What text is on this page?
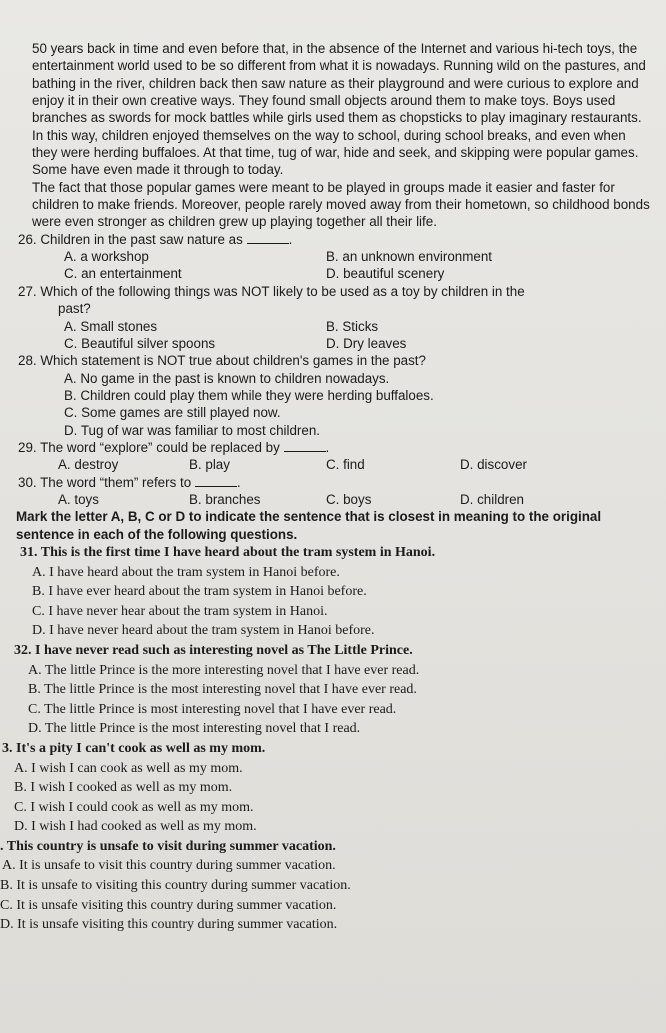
50 years back in time and even before that, in the absence of the Internet and various hi-tech toys, the entertainment world used to be so different from what it is nowadays. Running wild on the pastures, and bathing in the river, children back then saw nature as their playground and were curious to explore and enjoy it in their own creative ways. They found small objects around them to make toys. Boys used branches as swords for mock battles while girls used them as chopsticks to play imaginary restaurants. In this way, children enjoyed themselves on the way to school, during school breaks, and even when they were herding buffaloes. At that time, tug of war, hide and seek, and skipping were popular games. Some have even made it through to today.

The fact that those popular games were meant to be played in groups made it easier and faster for children to make friends. Moreover, people rarely moved away from their hometown, so childhood bonds were even stronger as children grew up playing together all their life.

26. Children in the past saw nature as	.
A. a workshop	B. an unknown environment
C. an entertainment	D. beautiful scenery
27. Which of the following things was NOT likely to be used as a toy by children in the
past?
A. Small stones	B. Sticks
C. Beautiful silver spoons	D. Dry leaves
28. Which statement is NOT true about children's games in the past?
A. No game in the past is known to children nowadays.
B. Children could play them while they were herding buffaloes.
C. Some games are still played now.
D. Tug of war was familiar to most children.
29. The word “explore” could be replaced by	.
A. destroy	B. play	C. find	D. discover
30. The word “them” refers to	.
A. toys	B. branches	C. boys	D. children

Mark the letter A, B, C or D to indicate the sentence that is closest in meaning to the original sentence in each of the following questions.

31. This is the first time I have heard about the tram system in Hanoi.

A. I have heard about the tram system in Hanoi before.

B. I have ever heard about the tram system in Hanoi before.

C. I have never hear about the tram system in Hanoi.

D. I have never heard about the tram system in Hanoi before.

32. I have never read such as interesting novel as The Little Prince.

A. The little Prince is the more interesting novel that I have ever read.

B. The little Prince is the most interesting novel that I have ever read.

C. The little Prince is most interesting novel that I have ever read.

D. The little Prince is the most interesting novel that I read.

3. It's a pity I can't cook as well as my mom.

A. I wish I can cook as well as my mom.

B. I wish I cooked as well as my mom.

C. I wish I could cook as well as my mom.

D. I wish I had cooked as well as my mom.

. This country is unsafe to visit during summer vacation.

A. It is unsafe to visit this country during summer vacation.

B. It is unsafe to visiting this country during summer vacation.

C. It is unsafe visiting this country during summer vacation.

D. It is unsafe visiting this country during summer vacation.
